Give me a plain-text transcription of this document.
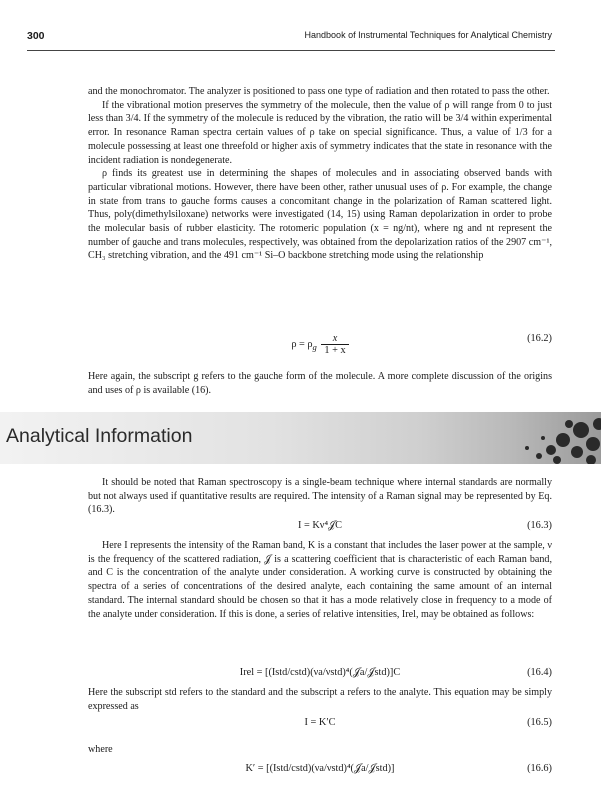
300	Handbook of Instrumental Techniques for Analytical Chemistry

and the monochromator. The analyzer is positioned to pass one type of radiation and then rotated to pass the other.

If the vibrational motion preserves the symmetry of the molecule, then the value of ρ will range from 0 to just less than 3/4. If the symmetry of the molecule is reduced by the vibration, the ratio will be 3/4 within experimental error. In resonance Raman spectra certain values of ρ take on special significance. Thus, a value of 1/3 for a molecule possessing at least one threefold or higher axis of symmetry indicates that the state in resonance with the incident radiation is nondegenerate.

ρ finds its greatest use in determining the shapes of molecules and in associating observed bands with particular vibrational motions. However, there have been other, rather unusual uses of ρ. For example, the change in state from trans to gauche forms causes a concomitant change in the polarization of Raman scattered light. Thus, poly(dimethylsiloxane) networks were investigated (14, 15) using Raman depolarization in order to probe the molecular basis of rubber elasticity. The rotomeric population (x = ng/nt), where ng and nt represent the number of gauche and trans molecules, respectively, was obtained from the depolarization ratios of the 2907 cm⁻¹, CH₃ stretching vibration, and the 491 cm⁻¹ Si–O backbone stretching mode using the relationship

$\rho = \rho_g \frac{x}{1 + x}$	(16.2)

Here again, the subscript g refers to the gauche form of the molecule. A more complete discussion of the origins and uses of ρ is available (16).

Analytical Information

It should be noted that Raman spectroscopy is a single-beam technique where internal standards are normally but not always used if quantitative results are required. The intensity of a Raman signal may be represented by Eq. (16.3).

I = Kν⁴𝒥C	(16.3)

Here I represents the intensity of the Raman band, K is a constant that includes the laser power at the sample, ν is the frequency of the scattered radiation, 𝒥 is a scattering coefficient that is characteristic of each Raman band, and C is the concentration of the analyte under consideration. A working curve is constructed by obtaining the spectra of a series of concentrations of the desired analyte, each containing the same amount of an internal standard. The internal standard should be chosen so that it has a mode relatively close in frequency to a mode of the analyte under consideration. If this is done, a series of relative intensities, Irel, may be obtained as follows:

Irel = [(Istd/cstd)(νa/νstd)⁴(𝒥a/𝒥std)]C	(16.4)

Here the subscript std refers to the standard and the subscript a refers to the analyte. This equation may be simply expressed as

I = K′C	(16.5)

where

K′ = [(Istd/cstd)(νa/νstd)⁴(𝒥a/𝒥std)]	(16.6)
